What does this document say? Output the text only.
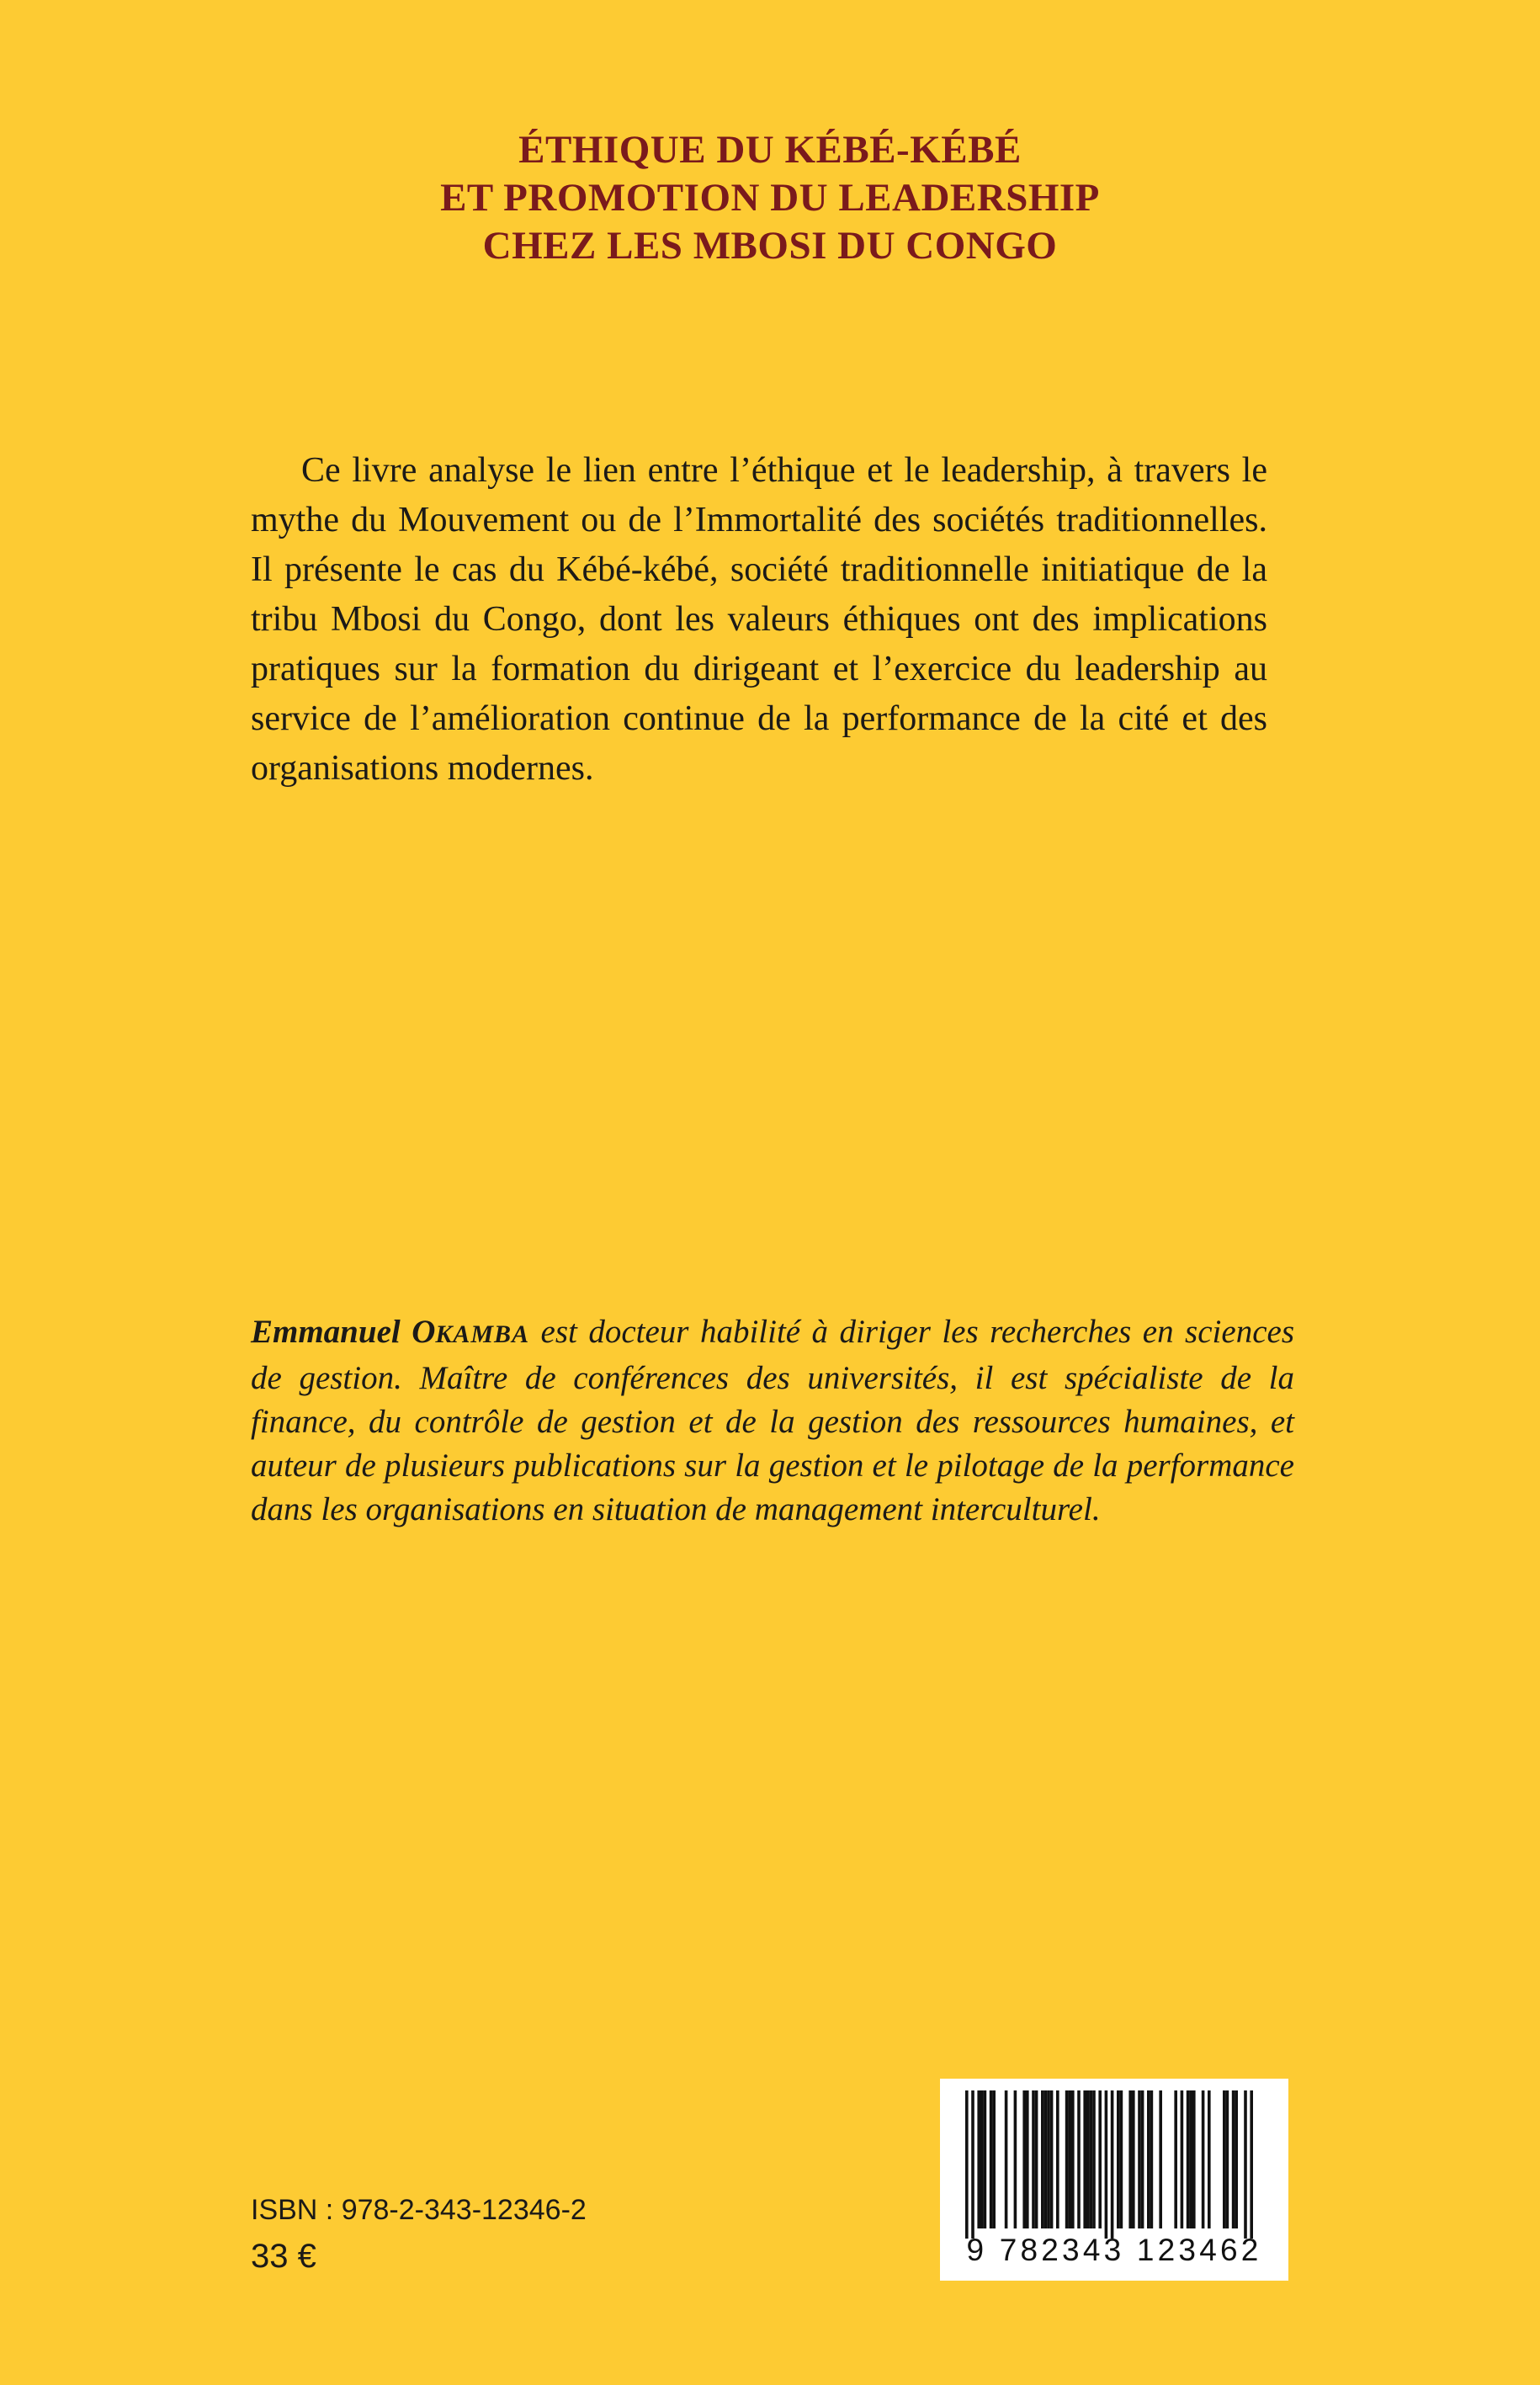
ÉTHIQUE DU KÉBÉ-KÉBÉ
ET PROMOTION DU LEADERSHIP
CHEZ LES MBOSI DU CONGO

Ce livre analyse le lien entre l’éthique et le leadership, à travers le mythe du Mouvement ou de l’Immortalité des sociétés traditionnelles. Il présente le cas du Kébé-kébé, société traditionnelle initiatique de la tribu Mbosi du Congo, dont les valeurs éthiques ont des implications pratiques sur la formation du dirigeant et l’exercice du leadership au service de l’amélioration continue de la performance de la cité et des organisations modernes.

Emmanuel OKAMBA est docteur habilité à diriger les recherches en sciences de gestion. Maître de conférences des universités, il est spécialiste de la finance, du contrôle de gestion et de la gestion des ressources humaines, et auteur de plusieurs publications sur la gestion et le pilotage de la performance dans les organisations en situation de management interculturel.

ISBN : 978-2-343-12346-2
33 €	9 782343 123462
